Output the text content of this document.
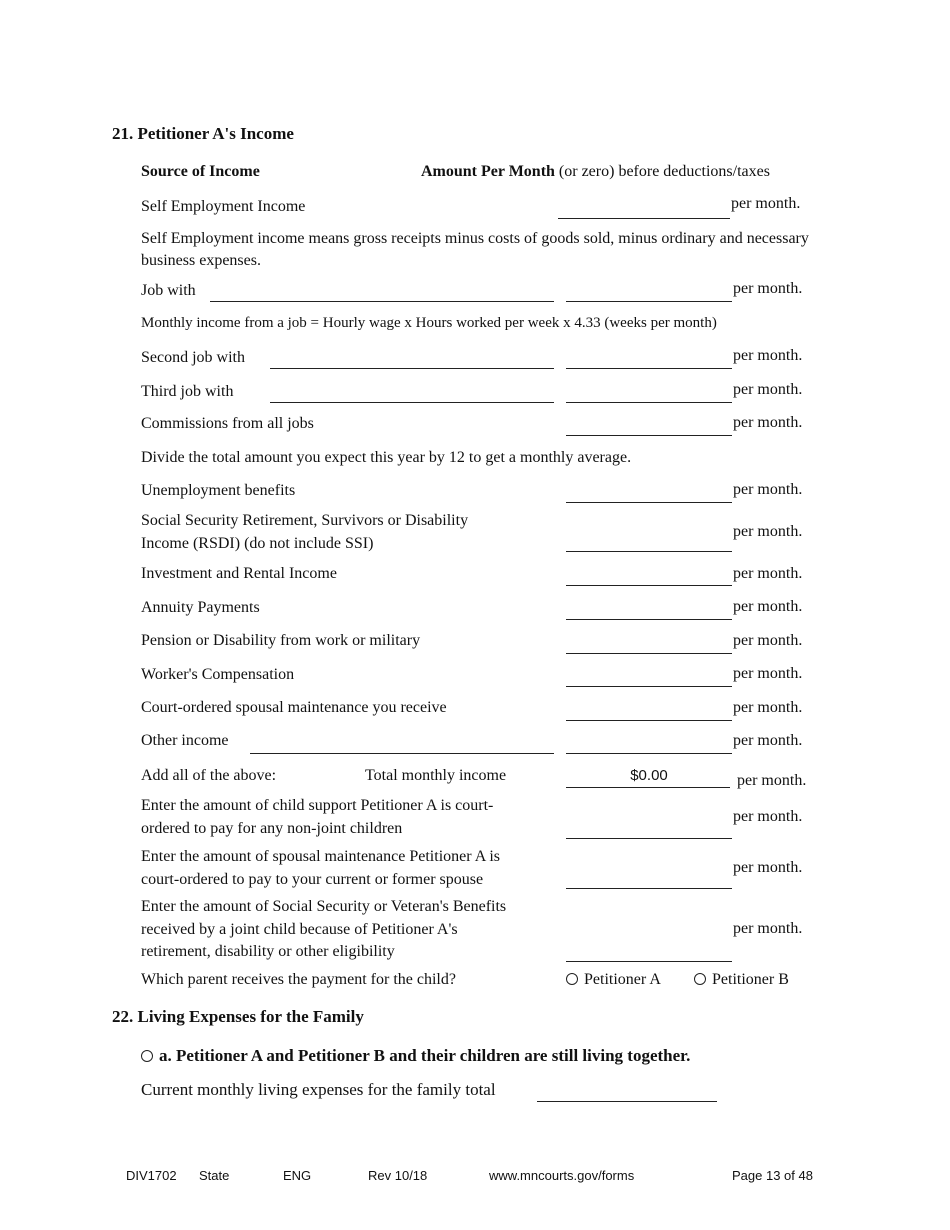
21. Petitioner A's Income
Source of Income	Amount Per Month (or zero) before deductions/taxes
Self Employment Income	per month.
Self Employment income means gross receipts minus costs of goods sold, minus ordinary and necessary business expenses.
Job with	per month.
Monthly income from a job = Hourly wage x Hours worked per week x 4.33 (weeks per month)
Second job with	per month.
Third job with	per month.
Commissions from all jobs	per month.
Divide the total amount you expect this year by 12 to get a monthly average.
Unemployment benefits	per month.
Social Security Retirement, Survivors or Disability
Income (RSDI) (do not include SSI)
per month.
Investment and Rental Income	per month.
Annuity Payments	per month.
Pension or Disability from work or military	per month.
Worker's Compensation	per month.
Court-ordered spousal maintenance you receive	per month.
Other income	per month.
Add all of the above:	Total monthly income	$0.00	per month.
Enter the amount of child support Petitioner A is court-
ordered to pay for any non-joint children
per month.
Enter the amount of spousal maintenance Petitioner A is
court-ordered to pay to your current or former spouse
per month.
Enter the amount of Social Security or Veteran's Benefits
received by a joint child because of Petitioner A's
retirement, disability or other eligibility
per month.
Which parent receives the payment for the child?	Petitioner A	Petitioner B
22. Living Expenses for the Family
a. Petitioner A and Petitioner B and their children are still living together.
Current monthly living expenses for the family total
DIV1702 State	ENG	Rev 10/18	www.mncourts.gov/forms	Page 13 of 48
